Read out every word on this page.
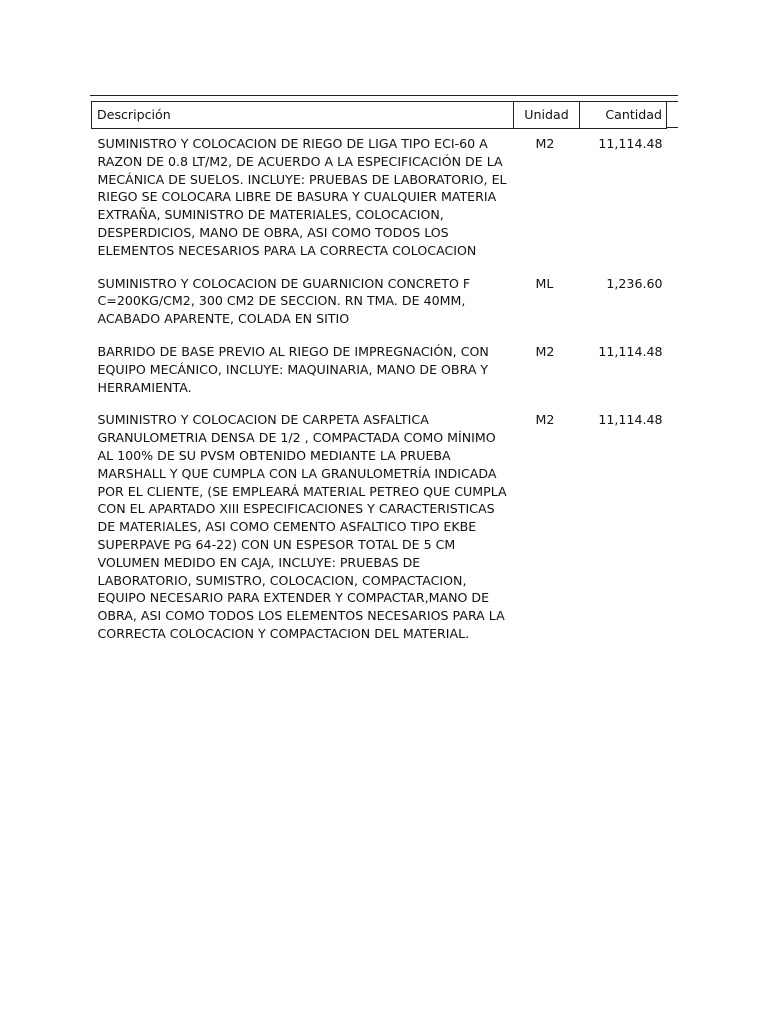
Descripción	Unidad	Cantidad
SUMINISTRO Y COLOCACION DE RIEGO DE LIGA TIPO ECI-60 A RAZON DE 0.8 LT/M2, DE ACUERDO A LA ESPECIFICACIÓN DE LA MECÁNICA DE SUELOS. INCLUYE: PRUEBAS DE LABORATORIO, EL RIEGO SE COLOCARA LIBRE DE BASURA Y CUALQUIER MATERIA EXTRAÑA, SUMINISTRO DE MATERIALES, COLOCACION, DESPERDICIOS, MANO DE OBRA, ASI COMO TODOS LOS ELEMENTOS NECESARIOS PARA LA CORRECTA COLOCACION	M2	11,114.48
SUMINISTRO Y COLOCACION DE GUARNICION CONCRETO F C=200KG/CM2, 300 CM2 DE SECCION. RN TMA. DE 40MM, ACABADO APARENTE, COLADA EN SITIO	ML	1,236.60
BARRIDO DE BASE PREVIO AL RIEGO DE IMPREGNACIÓN, CON EQUIPO MECÁNICO, INCLUYE: MAQUINARIA, MANO DE OBRA Y HERRAMIENTA.	M2	11,114.48
SUMINISTRO Y COLOCACION DE CARPETA ASFALTICA GRANULOMETRIA DENSA DE 1/2 , COMPACTADA COMO MÍNIMO AL 100% DE SU PVSM OBTENIDO MEDIANTE LA PRUEBA MARSHALL Y QUE CUMPLA CON LA GRANULOMETRÍA INDICADA POR EL CLIENTE, (SE EMPLEARÁ MATERIAL PETREO QUE CUMPLA CON EL APARTADO XIII ESPECIFICACIONES Y CARACTERISTICAS DE MATERIALES, ASI COMO CEMENTO ASFALTICO TIPO EKBE SUPERPAVE PG 64-22) CON UN ESPESOR TOTAL DE 5 CM VOLUMEN MEDIDO EN CAJA, INCLUYE: PRUEBAS DE LABORATORIO, SUMISTRO, COLOCACION, COMPACTACION, EQUIPO NECESARIO PARA EXTENDER Y COMPACTAR,MANO DE OBRA, ASI COMO TODOS LOS ELEMENTOS NECESARIOS PARA LA CORRECTA COLOCACION Y COMPACTACION DEL MATERIAL.	M2	11,114.48
